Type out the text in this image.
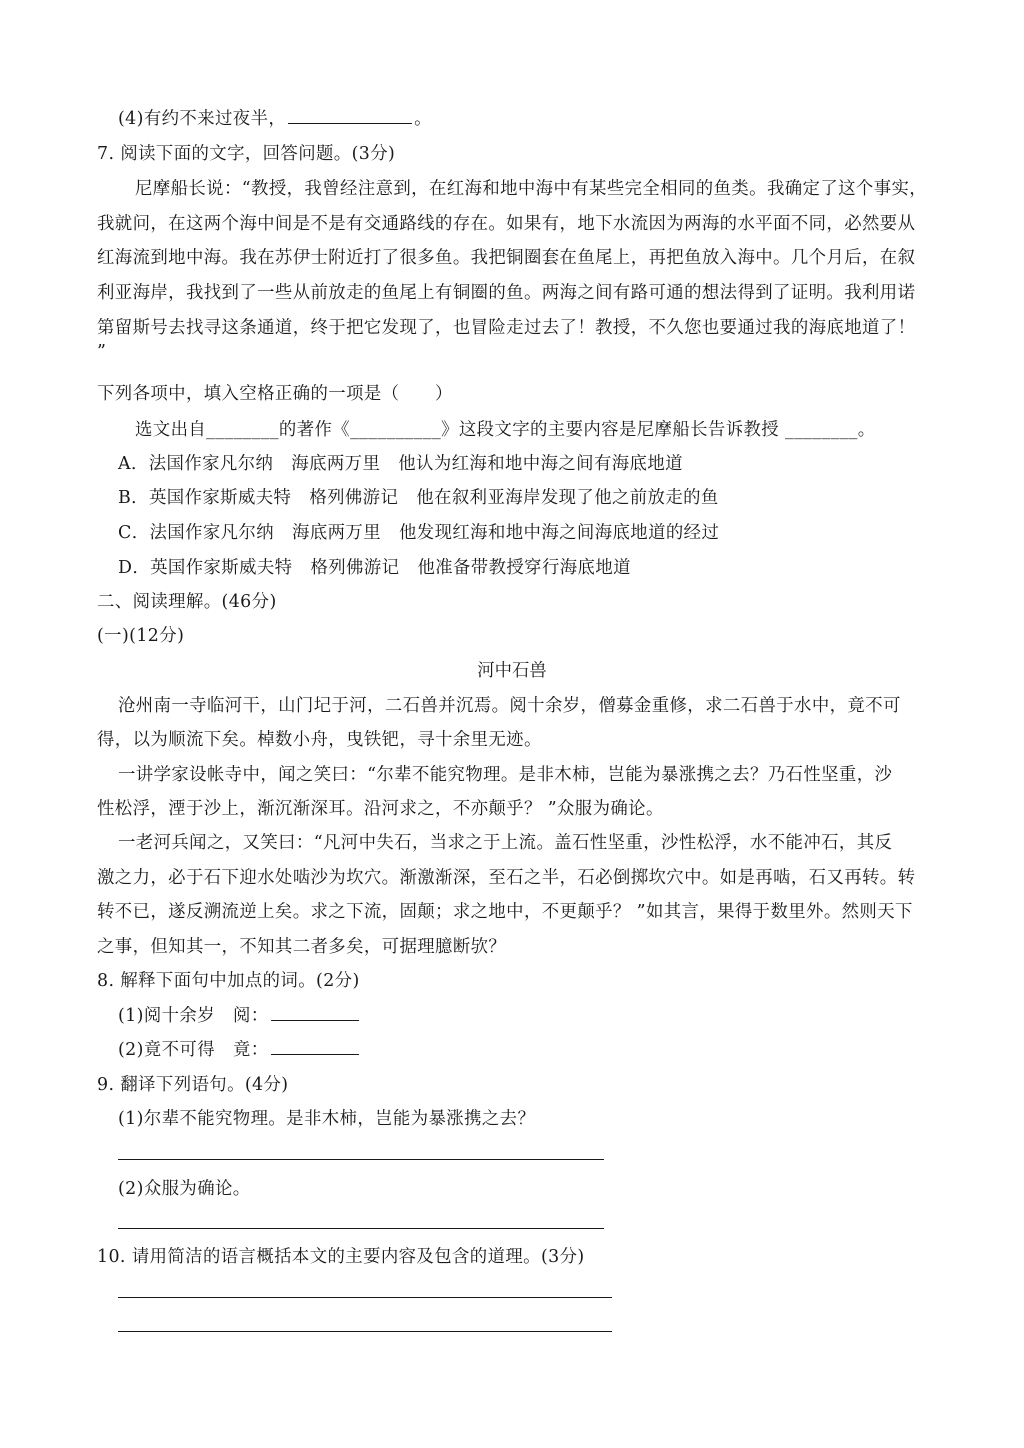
(4)有约不来过夜半，	。
7. 阅读下面的文字，回答问题。(3分)
尼摩船长说：“教授，我曾经注意到，在红海和地中海中有某些完全相同的鱼类。我确定了这个事实，
我就问，在这两个海中间是不是有交通路线的存在。如果有，地下水流因为两海的水平面不同，必然要从
红海流到地中海。我在苏伊士附近打了很多鱼。我把铜圈套在鱼尾上，再把鱼放入海中。几个月后，在叙
利亚海岸，我找到了一些从前放走的鱼尾上有铜圈的鱼。两海之间有路可通的想法得到了证明。我利用诺
第留斯号去找寻这条通道，终于把它发现了，也冒险走过去了！教授，不久您也要通过我的海底地道了！
”
下列各项中，填入空格正确的一项是（　　）
选文出自________的著作《__________》这段文字的主要内容是尼摩船长告诉教授 ________。
A．法国作家凡尔纳 海底两万里 他认为红海和地中海之间有海底地道
B．英国作家斯威夫特 格列佛游记 他在叙利亚海岸发现了他之前放走的鱼
C．法国作家凡尔纳 海底两万里 他发现红海和地中海之间海底地道的经过
D．英国作家斯威夫特 格列佛游记 他准备带教授穿行海底地道
二、阅读理解。(46分)
(一)(12分)
河中石兽
沧州南一寺临河干，山门圮于河，二石兽并沉焉。阅十余岁，僧募金重修，求二石兽于水中，竟不可
得，以为顺流下矣。棹数小舟，曳铁钯，寻十余里无迹。
一讲学家设帐寺中，闻之笑曰：“尔辈不能究物理。是非木柿，岂能为暴涨携之去？乃石性坚重，沙
性松浮，湮于沙上，渐沉渐深耳。沿河求之，不亦颠乎？ ”众服为确论。
一老河兵闻之，又笑曰：“凡河中失石，当求之于上流。盖石性坚重，沙性松浮，水不能冲石，其反
激之力，必于石下迎水处啮沙为坎穴。渐激渐深，至石之半，石必倒掷坎穴中。如是再啮，石又再转。转
转不已，遂反溯流逆上矣。求之下流，固颠；求之地中，不更颠乎？ ”如其言，果得于数里外。然则天下
之事，但知其一，不知其二者多矣，可据理臆断欤？
8. 解释下面句中加点的词。(2分)
(1)阅十余岁 阅：
(2)竟不可得 竟：
9. 翻译下列语句。(4分)
(1)尔辈不能究物理。是非木柿，岂能为暴涨携之去？
(2)众服为确论。
10. 请用简洁的语言概括本文的主要内容及包含的道理。(3分)
